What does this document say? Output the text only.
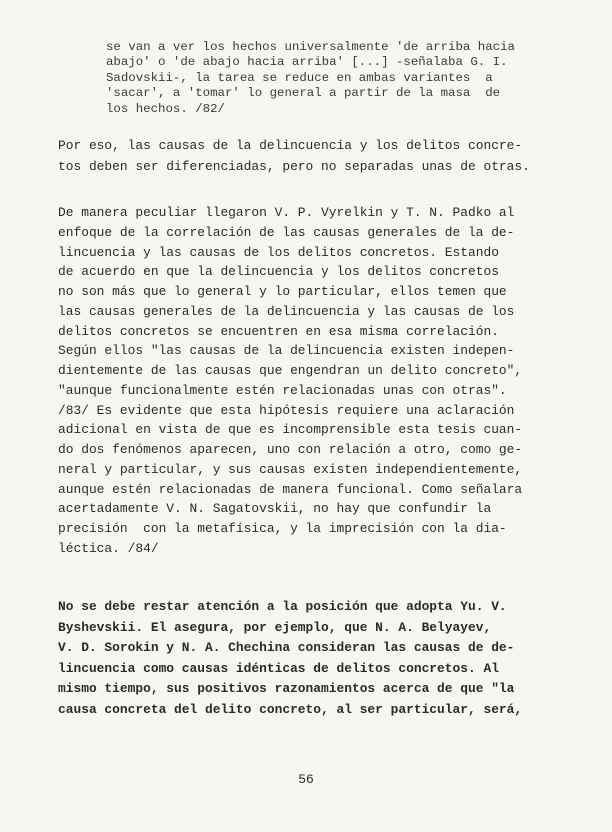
se van a ver los hechos universalmente 'de arriba hacia
abajo' o 'de abajo hacia arriba' [...] -señalaba G. I.
Sadovskii-, la tarea se reduce en ambas variantes  a
'sacar', a 'tomar' lo general a partir de la masa  de
los hechos. /82/
Por eso, las causas de la delincuencia y los delitos concre-
tos deben ser diferenciadas, pero no separadas unas de otras.
De manera peculiar llegaron V. P. Vyrelkin y T. N. Padko al
enfoque de la correlación de las causas generales de la de-
lincuencia y las causas de los delitos concretos. Estando
de acuerdo en que la delincuencia y los delitos concretos
no son más que lo general y lo particular, ellos temen que
las causas generales de la delincuencia y las causas de los
delitos concretos se encuentren en esa misma correlación.
Según ellos "las causas de la delincuencia existen indepen-
dientemente de las causas que engendran un delito concreto",
"aunque funcionalmente estén relacionadas unas con otras".
/83/ Es evidente que esta hipótesis requiere una aclaración
adicional en vista de que es incomprensible esta tesis cuan-
do dos fenómenos aparecen, uno con relación a otro, como ge-
neral y particular, y sus causas existen independientemente,
aunque estén relacionadas de manera funcional. Como señalara
acertadamente V. N. Sagatovskii, no hay que confundir la
precisión  con la metafísica, y la imprecisión con la dia-
léctica. /84/
No se debe restar atención a la posición que adopta Yu. V.
Byshevskii. El asegura, por ejemplo, que N. A. Belyayev,
V. D. Sorokin y N. A. Chechina consideran las causas de de-
lincuencia como causas idénticas de delitos concretos. Al
mismo tiempo, sus positivos razonamientos acerca de que "la
causa concreta del delito concreto, al ser particular, será,
56
